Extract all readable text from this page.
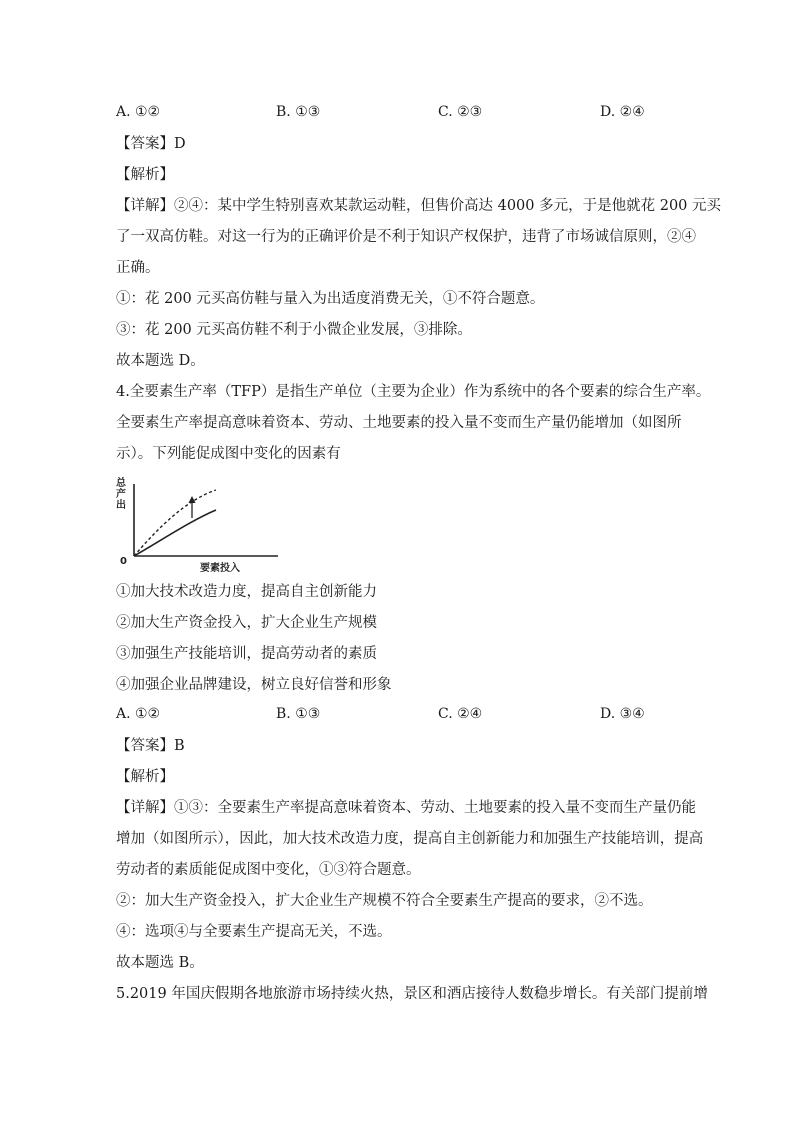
A. ①②	B. ①③	C. ②③	D. ②④
【答案】D
【解析】
【详解】②④：某中学生特别喜欢某款运动鞋，但售价高达 4000 多元，于是他就花 200 元买
了一双高仿鞋。对这一行为的正确评价是不利于知识产权保护，违背了市场诚信原则，②④
正确。
①：花 200 元买高仿鞋与量入为出适度消费无关，①不符合题意。
③：花 200 元买高仿鞋不利于小微企业发展，③排除。
故本题选 D。
4.全要素生产率（TFP）是指生产单位（主要为企业）作为系统中的各个要素的综合生产率。
全要素生产率提高意味着资本、劳动、土地要素的投入量不变而生产量仍能增加（如图所
示）。下列能促成图中变化的因素有
总
产
出
0
要素投入
①加大技术改造力度，提高自主创新能力
②加大生产资金投入，扩大企业生产规模
③加强生产技能培训，提高劳动者的素质
④加强企业品牌建设，树立良好信誉和形象
A. ①②	B. ①③	C. ②④	D. ③④
【答案】B
【解析】
【详解】①③：全要素生产率提高意味着资本、劳动、土地要素的投入量不变而生产量仍能
增加（如图所示），因此，加大技术改造力度，提高自主创新能力和加强生产技能培训，提高
劳动者的素质能促成图中变化，①③符合题意。
②：加大生产资金投入，扩大企业生产规模不符合全要素生产提高的要求，②不选。
④：选项④与全要素生产提高无关，不选。
故本题选 B。
5.2019 年国庆假期各地旅游市场持续火热，景区和酒店接待人数稳步增长。有关部门提前增
